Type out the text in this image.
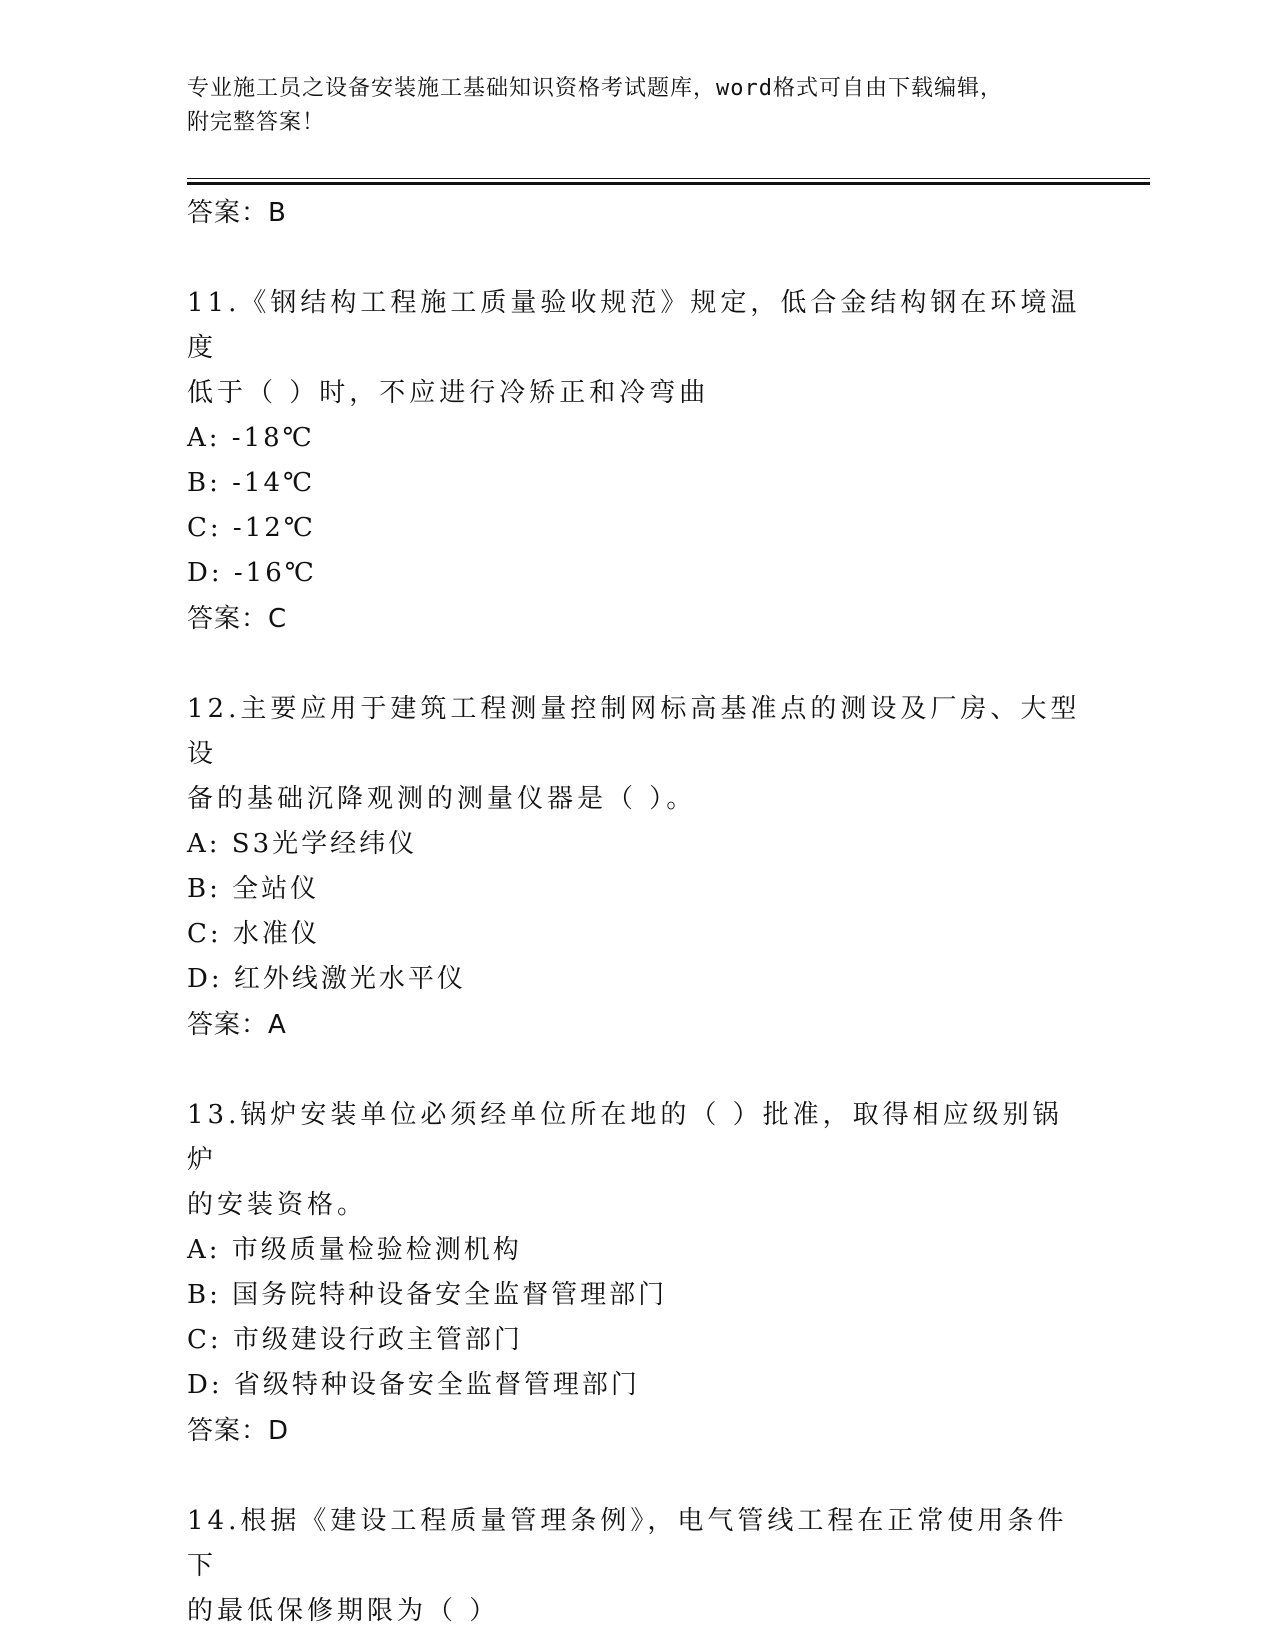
专业施工员之设备安装施工基础知识资格考试题库，word格式可自由下载编辑，
附完整答案！
答案：B
11.《钢结构工程施工质量验收规范》规定，低合金结构钢在环境温度
低于（ ）时，不应进行冷矫正和冷弯曲
A: -18℃
B: -14℃
C: -12℃
D: -16℃
答案：C
12.主要应用于建筑工程测量控制网标高基准点的测设及厂房、大型设
备的基础沉降观测的测量仪器是（ ）。
A: S3光学经纬仪
B: 全站仪
C: 水准仪
D: 红外线激光水平仪
答案：A
13.锅炉安装单位必须经单位所在地的（ ）批准，取得相应级别锅炉
的安装资格。
A: 市级质量检验检测机构
B: 国务院特种设备安全监督管理部门
C: 市级建设行政主管部门
D: 省级特种设备安全监督管理部门
答案：D
14.根据《建设工程质量管理条例》，电气管线工程在正常使用条件下
的最低保修期限为（ ）
